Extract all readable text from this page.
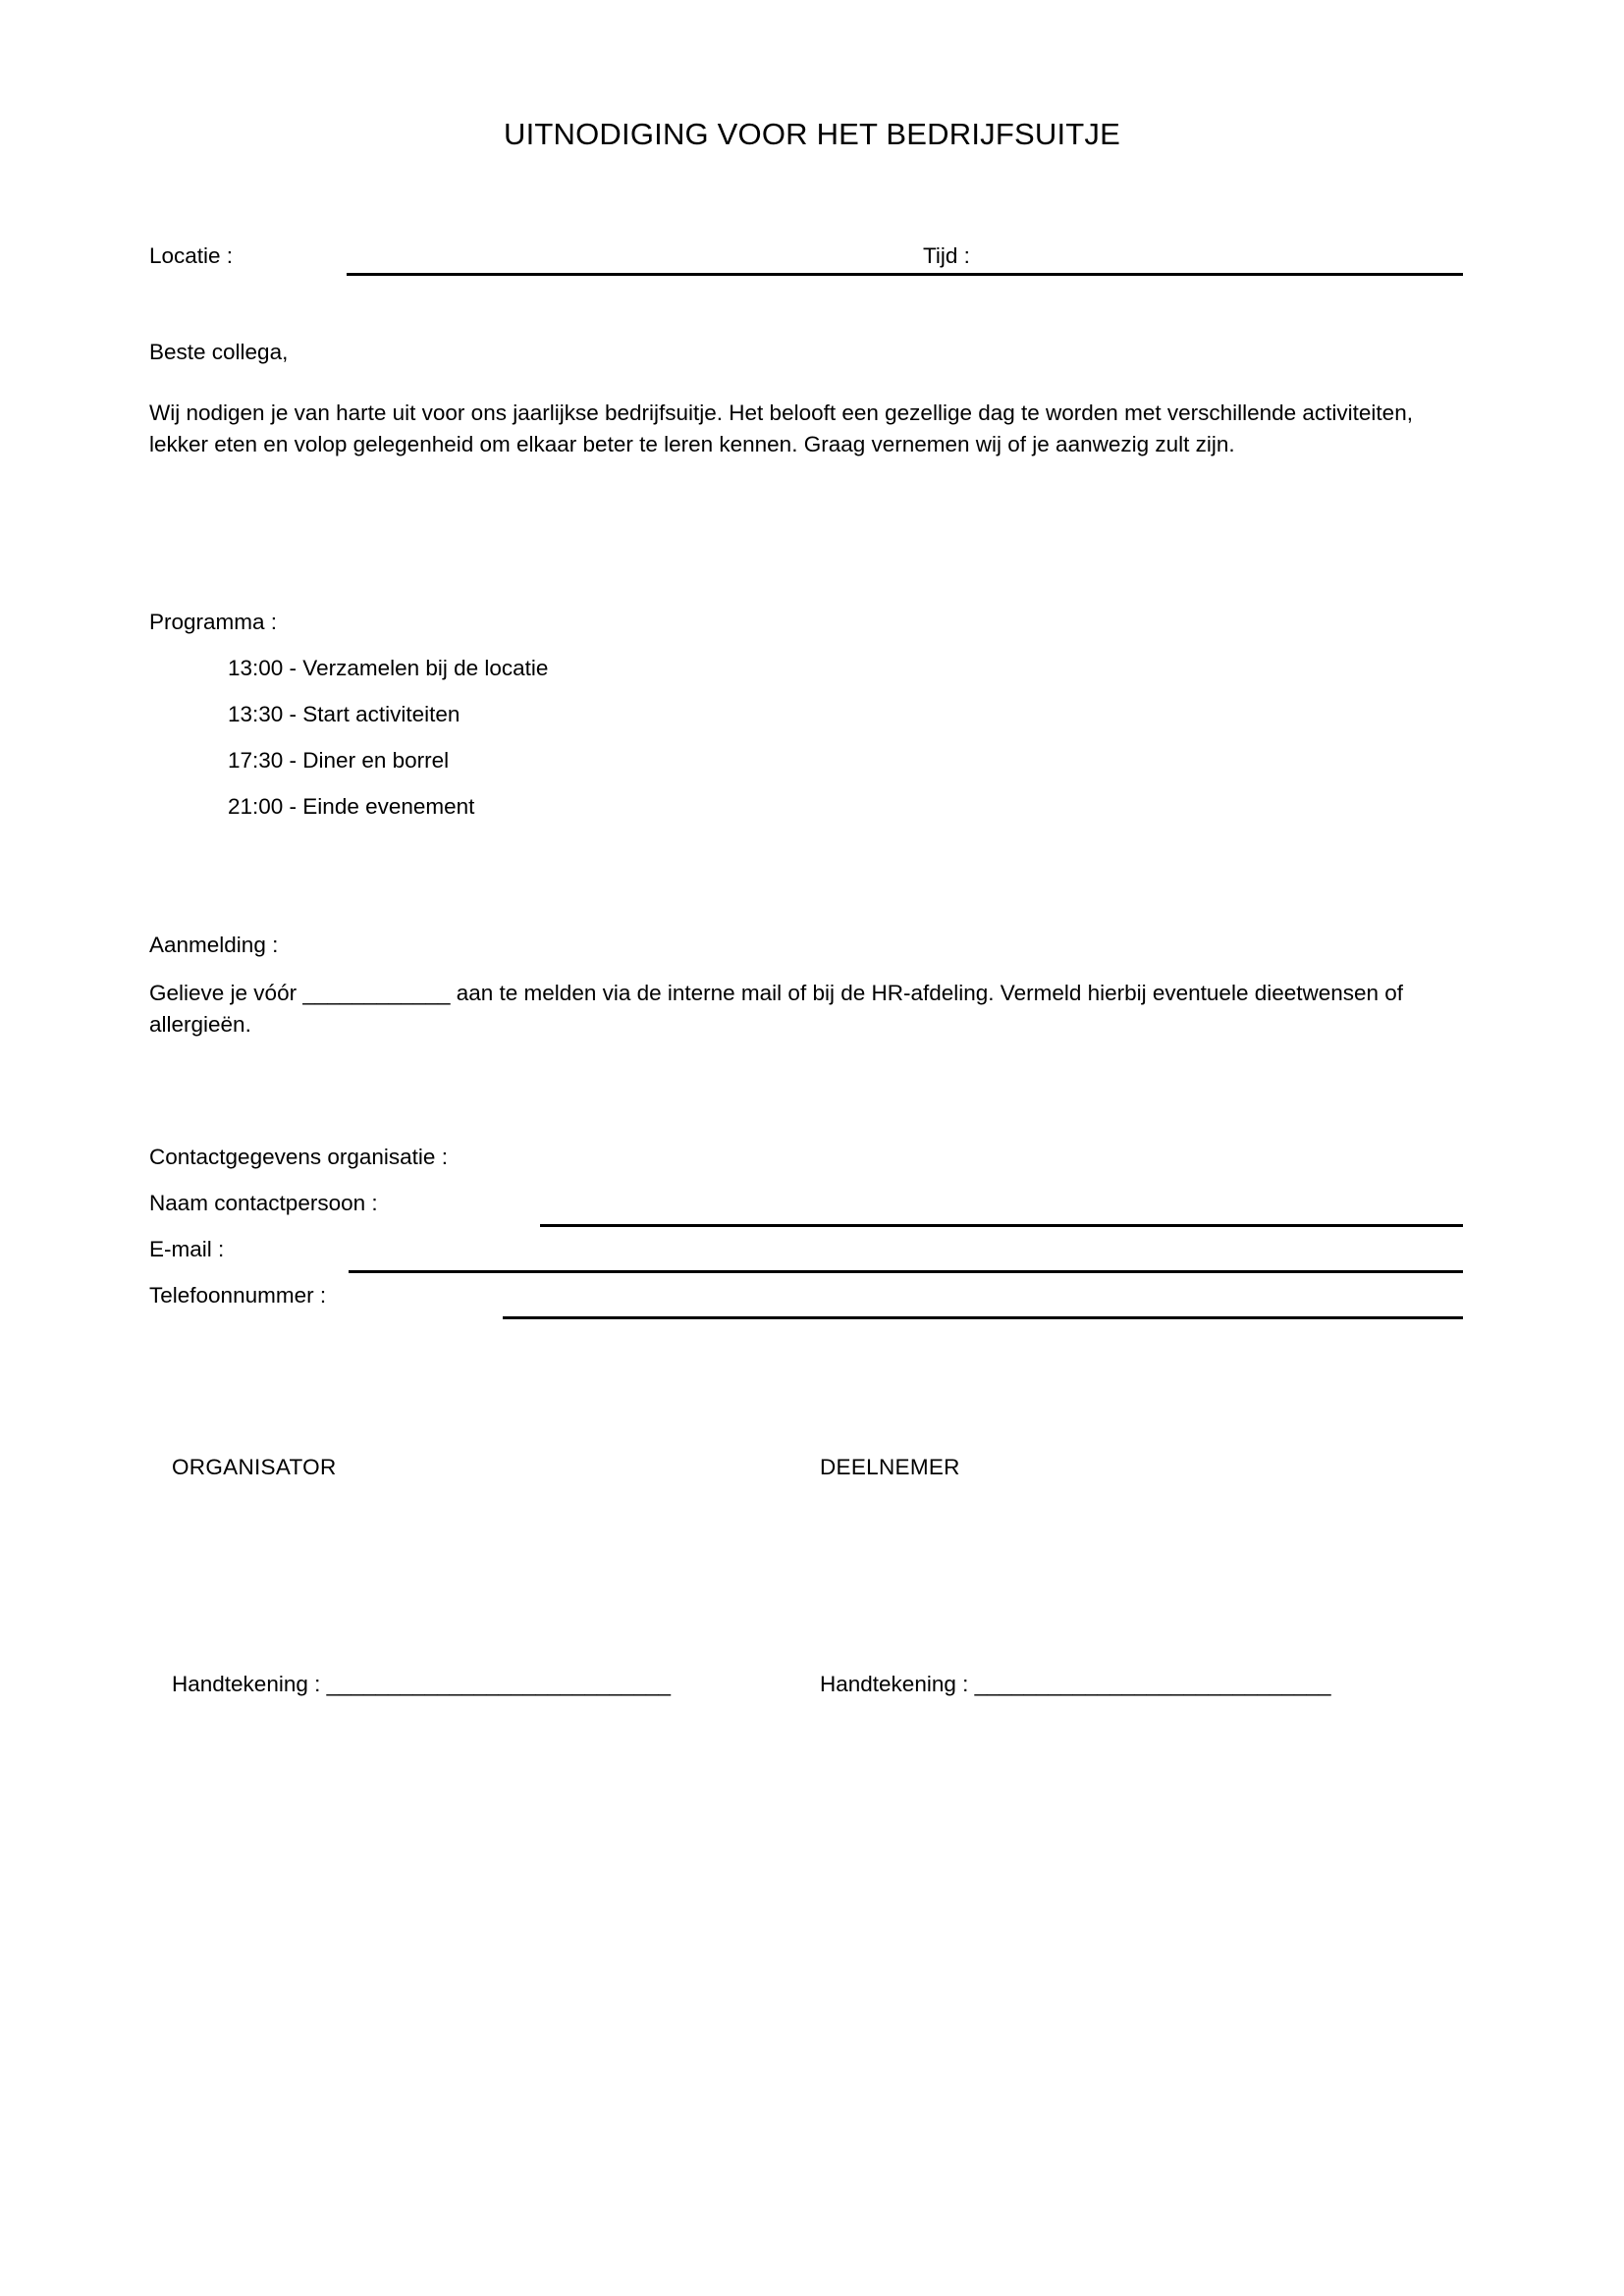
UITNODIGING VOOR HET BEDRIJFSUITJE
Locatie :	Tijd :
Beste collega,
Wij nodigen je van harte uit voor ons jaarlijkse bedrijfsuitje. Het belooft een gezellige dag te worden met verschillende activiteiten, lekker eten en volop gelegenheid om elkaar beter te leren kennen. Graag vernemen wij of je aanwezig zult zijn.
Programma :
13:00 - Verzamelen bij de locatie
13:30 - Start activiteiten
17:30 - Diner en borrel
21:00 - Einde evenement
Aanmelding :
Gelieve je vóór ____________ aan te melden via de interne mail of bij de HR-afdeling. Vermeld hierbij eventuele dieetwensen of allergieën.
Contactgegevens organisatie :
Naam contactpersoon :
E-mail :
Telefoonnummer :
ORGANISATOR	DEELNEMER
Handtekening : ____________________________	Handtekening : _____________________________
